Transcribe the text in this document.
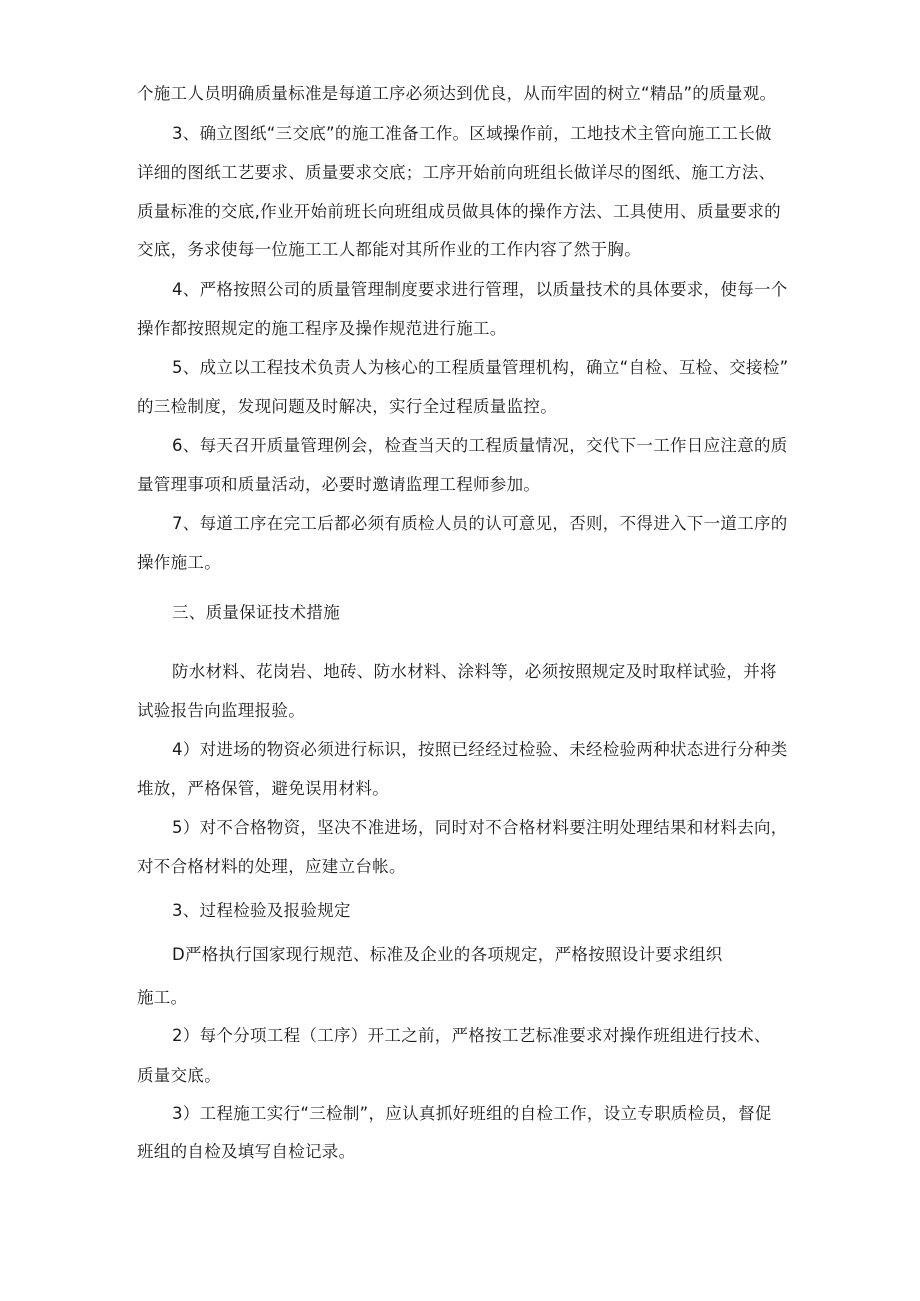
个施工人员明确质量标准是每道工序必须达到优良，从而牢固的树立“精品”的质量观。
3、确立图纸“三交底”的施工准备工作。区域操作前，工地技术主管向施工工长做
详细的图纸工艺要求、质量要求交底；工序开始前向班组长做详尽的图纸、施工方法、
质量标准的交底,作业开始前班长向班组成员做具体的操作方法、工具使用、质量要求的
交底，务求使每一位施工工人都能对其所作业的工作内容了然于胸。
4、严格按照公司的质量管理制度要求进行管理，以质量技术的具体要求，使每一个
操作都按照规定的施工程序及操作规范进行施工。
5、成立以工程技术负责人为核心的工程质量管理机构，确立“自检、互检、交接检”
的三检制度，发现问题及时解决，实行全过程质量监控。
6、每天召开质量管理例会，检查当天的工程质量情况，交代下一工作日应注意的质
量管理事项和质量活动，必要时邀请监理工程师参加。
7、每道工序在完工后都必须有质检人员的认可意见，否则，不得进入下一道工序的
操作施工。
三、质量保证技术措施
防水材料、花岗岩、地砖、防水材料、涂料等，必须按照规定及时取样试验，并将
试验报告向监理报验。
4）对进场的物资必须进行标识，按照已经经过检验、未经检验两种状态进行分种类
堆放，严格保管，避免误用材料。
5）对不合格物资，坚决不准进场，同时对不合格材料要注明处理结果和材料去向，
对不合格材料的处理，应建立台帐。
3、过程检验及报验规定
D严格执行国家现行规范、标准及企业的各项规定，严格按照设计要求组织
施工。
2）每个分项工程（工序）开工之前，严格按工艺标准要求对操作班组进行技术、
质量交底。
3）工程施工实行“三检制”，应认真抓好班组的自检工作，设立专职质检员，督促
班组的自检及填写自检记录。
